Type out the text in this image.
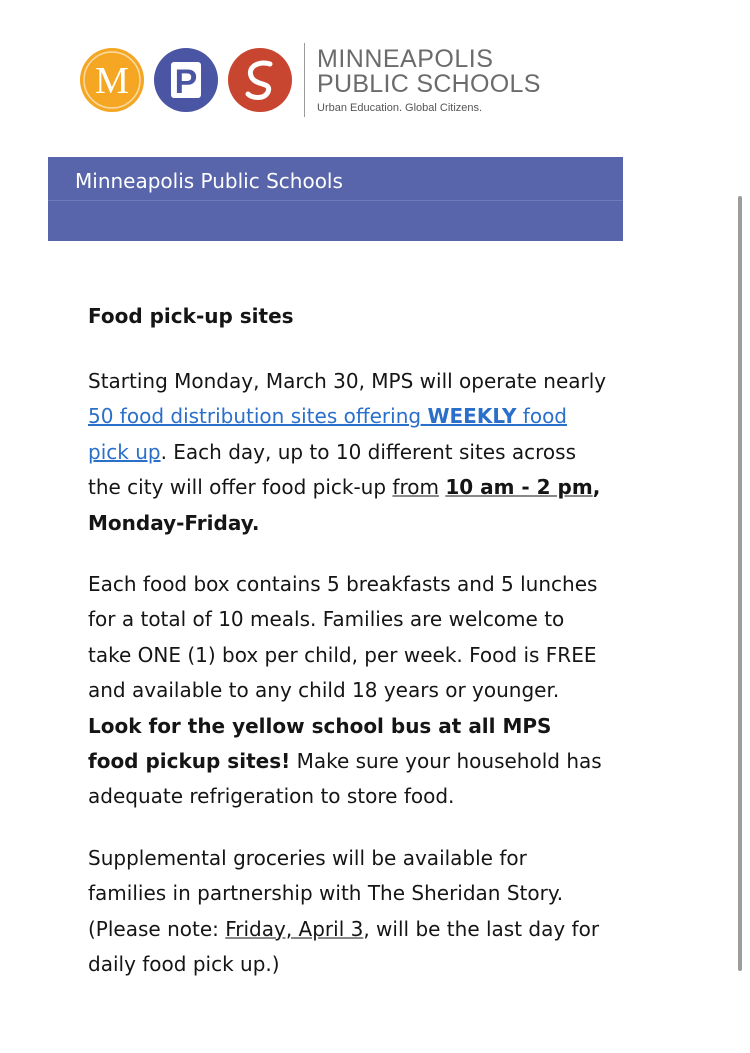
M P
MINNEAPOLIS
PUBLIC SCHOOLS
Urban Education. Global Citizens.
Minneapolis Public Schools
Food pick-up sites
Starting Monday, March 30, MPS will operate nearly 50 food distribution sites offering WEEKLY food pick up. Each day, up to 10 different sites across the city will offer food pick-up from 10 am - 2 pm, Monday-Friday.
Each food box contains 5 breakfasts and 5 lunches for a total of 10 meals. Families are welcome to take ONE (1) box per child, per week. Food is FREE and available to any child 18 years or younger. Look for the yellow school bus at all MPS food pickup sites! Make sure your household has adequate refrigeration to store food.
Supplemental groceries will be available for families in partnership with The Sheridan Story. (Please note: Friday, April 3, will be the last day for daily food pick up.)
